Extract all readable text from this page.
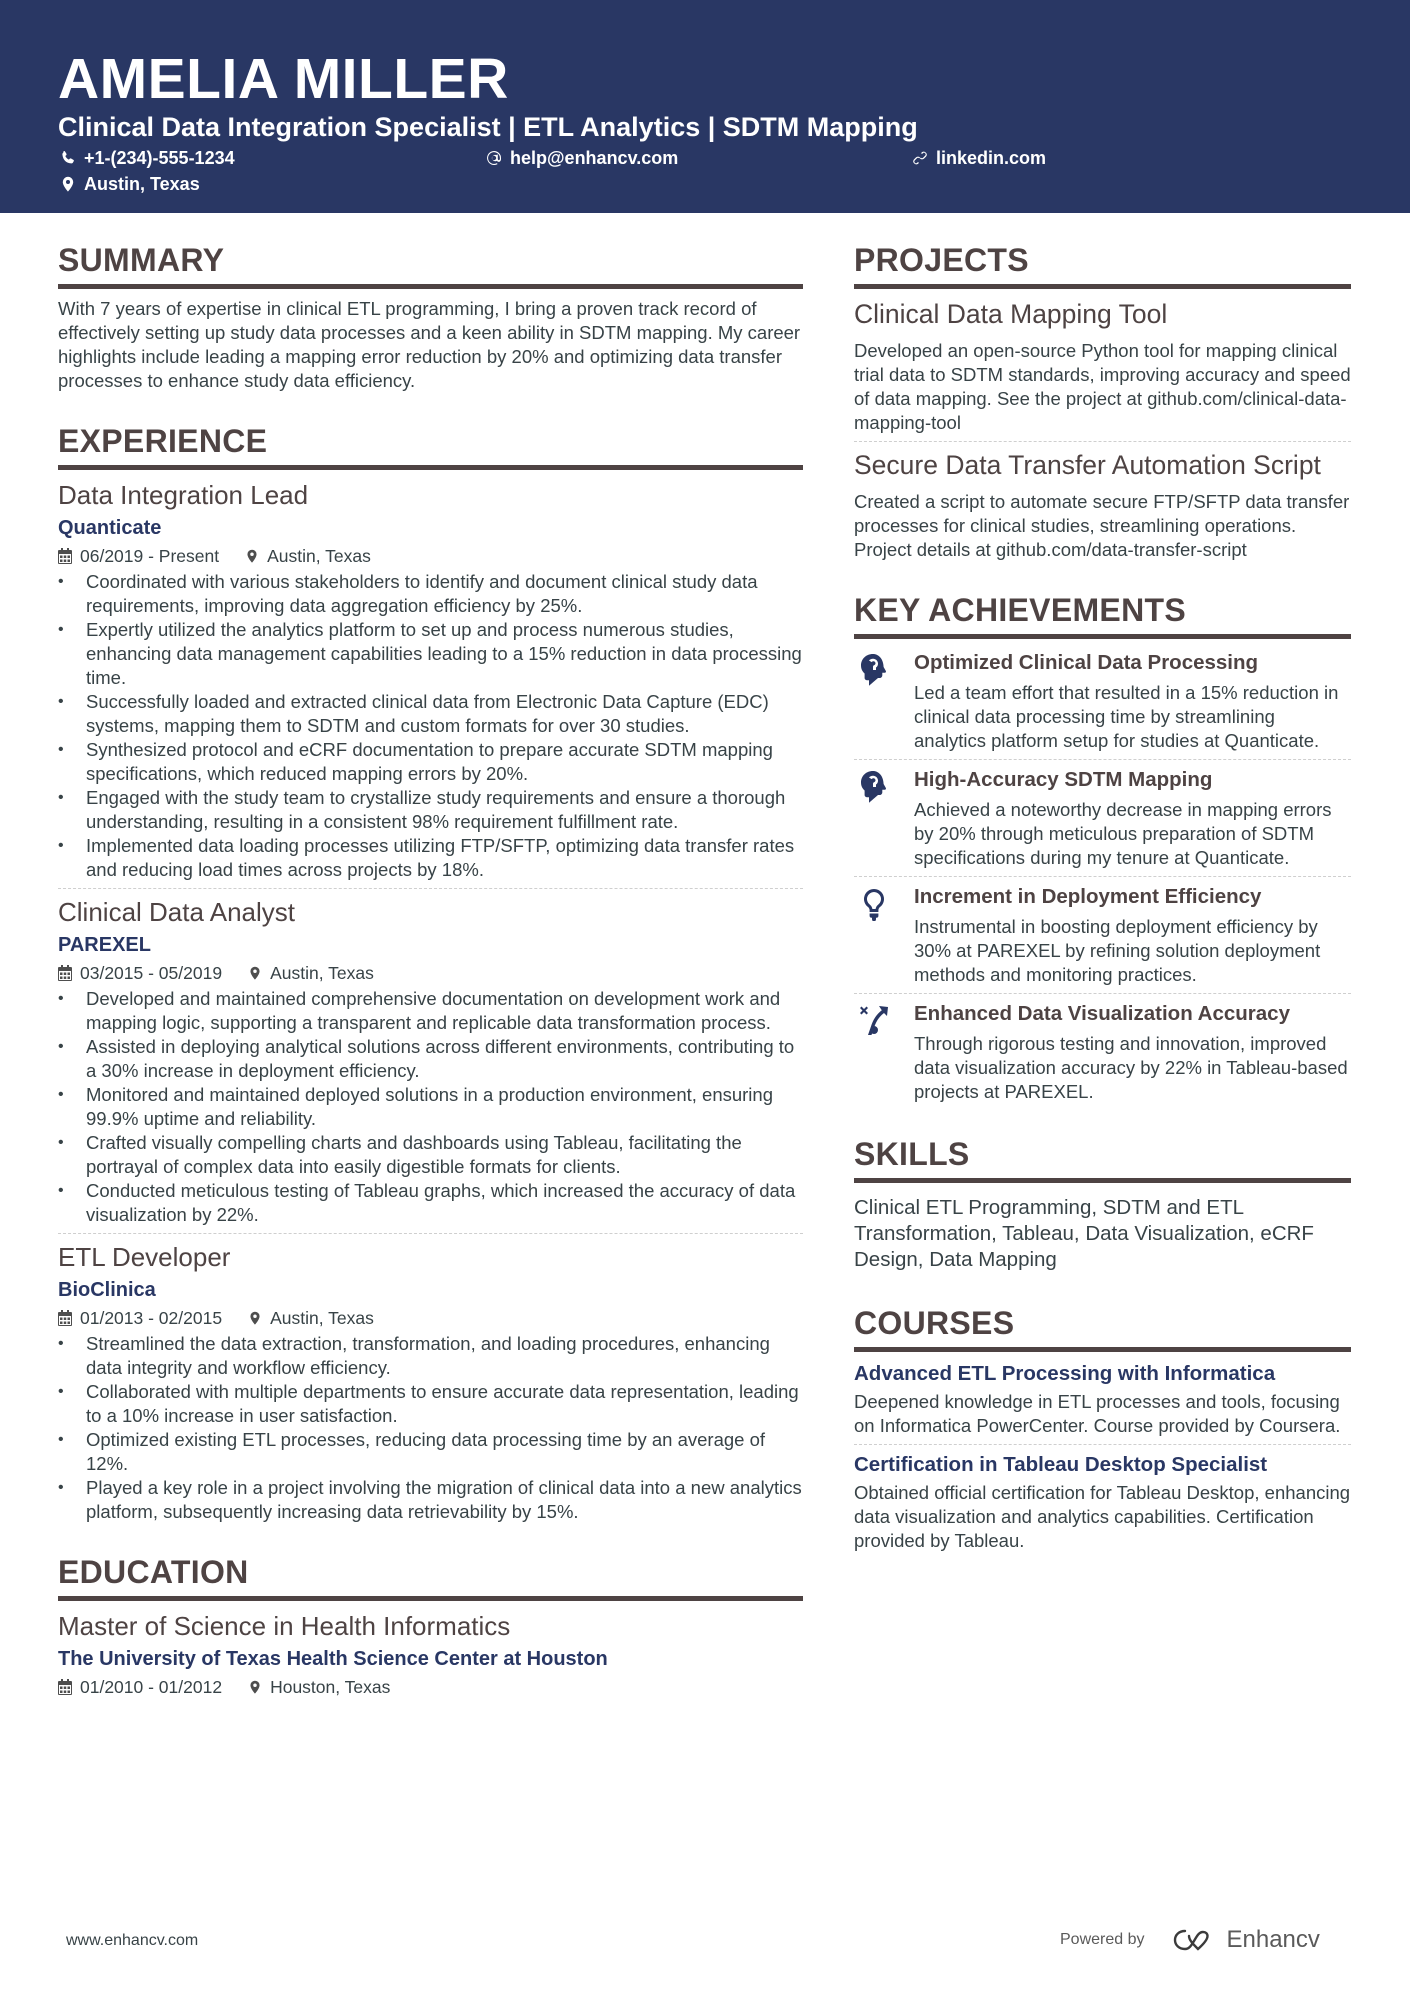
AMELIA MILLER
Clinical Data Integration Specialist | ETL Analytics | SDTM Mapping
+1-(234)-555-1234	help@enhancv.com	linkedin.com
Austin, Texas
SUMMARY

With 7 years of expertise in clinical ETL programming, I bring a proven track record of effectively setting up study data processes and a keen ability in SDTM mapping. My career highlights include leading a mapping error reduction by 20% and optimizing data transfer processes to enhance study data efficiency.

EXPERIENCE
Data Integration Lead
Quanticate
06/2019 - Present	Austin, Texas
• Coordinated with various stakeholders to identify and document clinical study data requirements, improving data aggregation efficiency by 25%.
• Expertly utilized the analytics platform to set up and process numerous studies, enhancing data management capabilities leading to a 15% reduction in data processing time.
• Successfully loaded and extracted clinical data from Electronic Data Capture (EDC) systems, mapping them to SDTM and custom formats for over 30 studies.
• Synthesized protocol and eCRF documentation to prepare accurate SDTM mapping specifications, which reduced mapping errors by 20%.
• Engaged with the study team to crystallize study requirements and ensure a thorough understanding, resulting in a consistent 98% requirement fulfillment rate.
• Implemented data loading processes utilizing FTP/SFTP, optimizing data transfer rates and reducing load times across projects by 18%.
Clinical Data Analyst
PAREXEL
03/2015 - 05/2019	Austin, Texas
• Developed and maintained comprehensive documentation on development work and mapping logic, supporting a transparent and replicable data transformation process.
• Assisted in deploying analytical solutions across different environments, contributing to a 30% increase in deployment efficiency.
• Monitored and maintained deployed solutions in a production environment, ensuring 99.9% uptime and reliability.
• Crafted visually compelling charts and dashboards using Tableau, facilitating the portrayal of complex data into easily digestible formats for clients.
• Conducted meticulous testing of Tableau graphs, which increased the accuracy of data visualization by 22%.
ETL Developer
BioClinica
01/2013 - 02/2015	Austin, Texas
• Streamlined the data extraction, transformation, and loading procedures, enhancing data integrity and workflow efficiency.
• Collaborated with multiple departments to ensure accurate data representation, leading to a 10% increase in user satisfaction.
• Optimized existing ETL processes, reducing data processing time by an average of 12%.
• Played a key role in a project involving the migration of clinical data into a new analytics platform, subsequently increasing data retrievability by 15%.
EDUCATION
Master of Science in Health Informatics
The University of Texas Health Science Center at Houston
01/2010 - 01/2012	Houston, Texas
PROJECTS
Clinical Data Mapping Tool

Developed an open-source Python tool for mapping clinical trial data to SDTM standards, improving accuracy and speed of data mapping. See the project at github.com/clinical-data-mapping-tool

Secure Data Transfer Automation Script

Created a script to automate secure FTP/SFTP data transfer processes for clinical studies, streamlining operations. Project details at github.com/data-transfer-script

KEY ACHIEVEMENTS
Optimized Clinical Data Processing

Led a team effort that resulted in a 15% reduction in clinical data processing time by streamlining analytics platform setup for studies at Quanticate.

High-Accuracy SDTM Mapping

Achieved a noteworthy decrease in mapping errors by 20% through meticulous preparation of SDTM specifications during my tenure at Quanticate.

Increment in Deployment Efficiency

Instrumental in boosting deployment efficiency by 30% at PAREXEL by refining solution deployment methods and monitoring practices.

Enhanced Data Visualization Accuracy

Through rigorous testing and innovation, improved data visualization accuracy by 22% in Tableau-based projects at PAREXEL.

SKILLS

Clinical ETL Programming, SDTM and ETL Transformation, Tableau, Data Visualization, eCRF Design, Data Mapping

COURSES
Advanced ETL Processing with Informatica

Deepened knowledge in ETL processes and tools, focusing on Informatica PowerCenter. Course provided by Coursera.

Certification in Tableau Desktop Specialist

Obtained official certification for Tableau Desktop, enhancing data visualization and analytics capabilities. Certification provided by Tableau.

www.enhancv.com	Powered by	Enhancv
